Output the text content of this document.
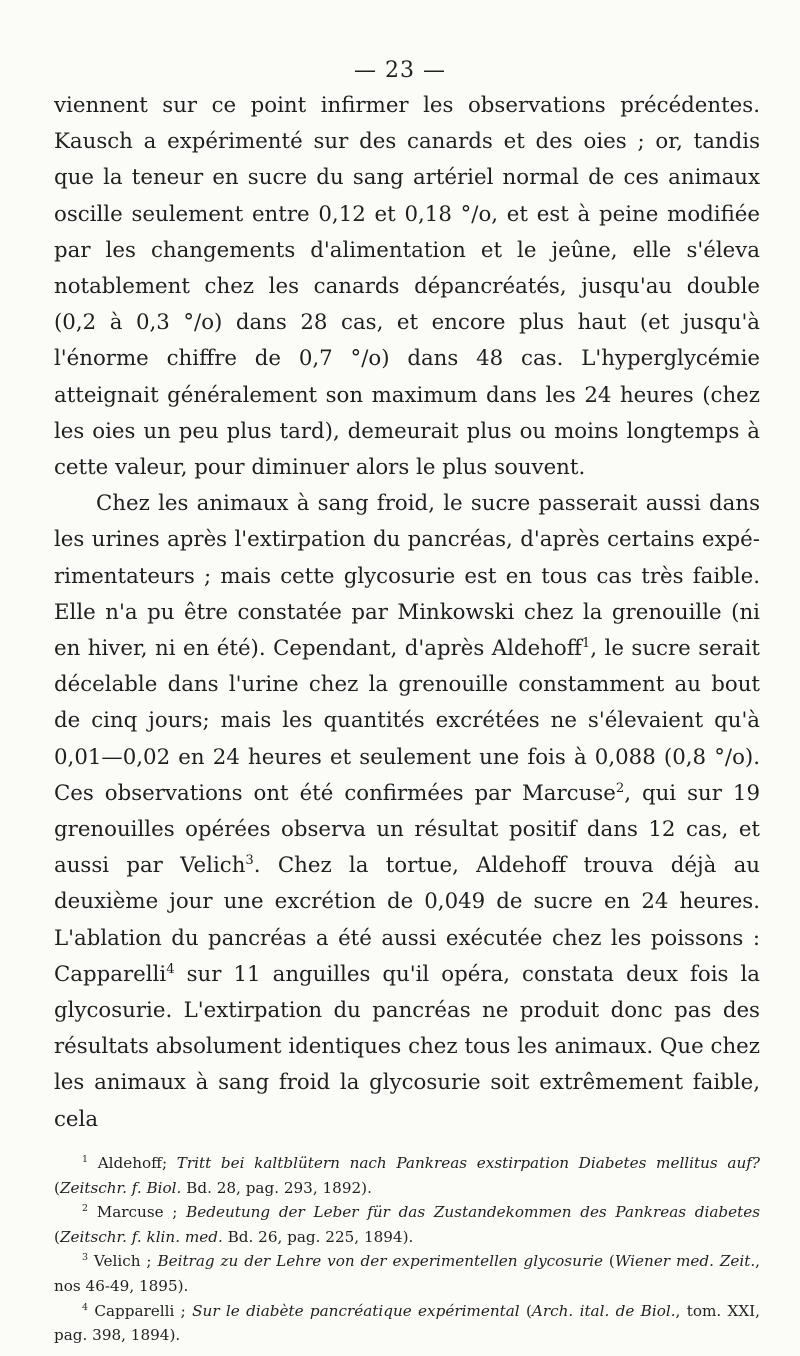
— 23 —

viennent sur ce point infirmer les observations précédentes. Kausch a expérimenté sur des canards et des oies ; or, tandis que la teneur en sucre du sang artériel normal de ces animaux oscille seulement entre 0,12 et 0,18 °/o, et est à peine modifiée par les changements d'alimentation et le jeûne, elle s'éleva notablement chez les canards dépancréatés, jusqu'au double (0,2 à 0,3 °/o) dans 28 cas, et encore plus haut (et jusqu'à l'énorme chiffre de 0,7 °/o) dans 48 cas. L'hyperglycémie atteignait généralement son maximum dans les 24 heures (chez les oies un peu plus tard), demeurait plus ou moins longtemps à cette valeur, pour diminuer alors le plus souvent.

Chez les animaux à sang froid, le sucre passerait aussi dans les urines après l'extirpation du pancréas, d'après certains expérimentateurs ; mais cette glycosurie est en tous cas très faible. Elle n'a pu être constatée par Minkowski chez la grenouille (ni en hiver, ni en été). Cependant, d'après Aldehoff$^1$, le sucre serait décelable dans l'urine chez la grenouille constamment au bout de cinq jours; mais les quantités excrétées ne s'élevaient qu'à 0,01—0,02 en 24 heures et seulement une fois à 0,088 (0,8 °/o). Ces observations ont été confirmées par Marcuse$^2$, qui sur 19 grenouilles opérées observa un résultat positif dans 12 cas, et aussi par Velich$^3$. Chez la tortue, Aldehoff trouva déjà au deuxième jour une excrétion de 0,049 de sucre en 24 heures. L'ablation du pancréas a été aussi exécutée chez les poissons : Capparelli$^4$ sur 11 anguilles qu'il opéra, constata deux fois la glycosurie. L'extirpation du pancréas ne produit donc pas des résultats absolument identiques chez tous les animaux. Que chez les animaux à sang froid la glycosurie soit extrêmement faible, cela

$^1$ Aldehoff; Tritt bei kaltblütern nach Pankreas exstirpation Diabetes mellitus auf? (Zeitschr. f. Biol. Bd. 28, pag. 293, 1892).

$^2$ Marcuse ; Bedeutung der Leber für das Zustandekommen des Pankreas diabetes (Zeitschr. f. klin. med. Bd. 26, pag. 225, 1894).

$^3$ Velich ; Beitrag zu der Lehre von der experimentellen glycosurie (Wiener med. Zeit., nos 46-49, 1895).

$^4$ Capparelli ; Sur le diabète pancréatique expérimental (Arch. ital. de Biol., tom. XXI, pag. 398, 1894).
